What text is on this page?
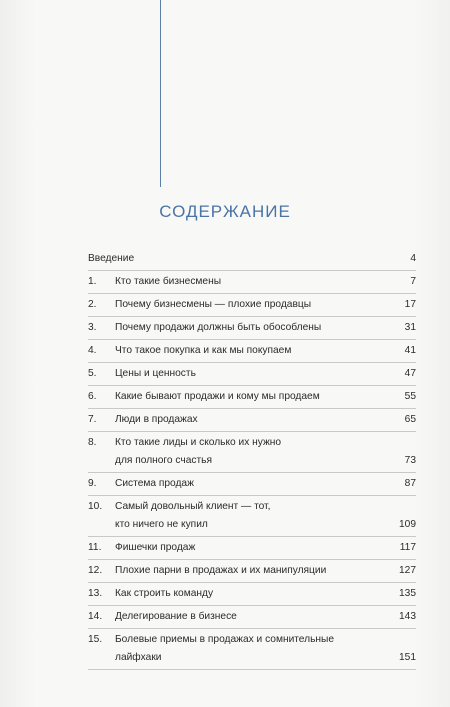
СОДЕРЖАНИЕ
Введение	4
1.	Кто такие бизнесмены	7
2.	Почему бизнесмены — плохие продавцы	17
3.	Почему продажи должны быть обособлены	31
4.	Что такое покупка и как мы покупаем	41
5.	Цены и ценность	47
6.	Какие бывают продажи и кому мы продаем	55
7.	Люди в продажах	65
8.	Кто такие лиды и сколько их нужно
для полного счастья	73
9.	Система продаж	87
10.	Самый довольный клиент — тот,
кто ничего не купил	109
11.	Фишечки продаж	117
12.	Плохие парни в продажах и их манипуляции	127
13.	Как строить команду	135
14.	Делегирование в бизнесе	143
15.	Болевые приемы в продажах и сомнительные
лайфхаки	151
